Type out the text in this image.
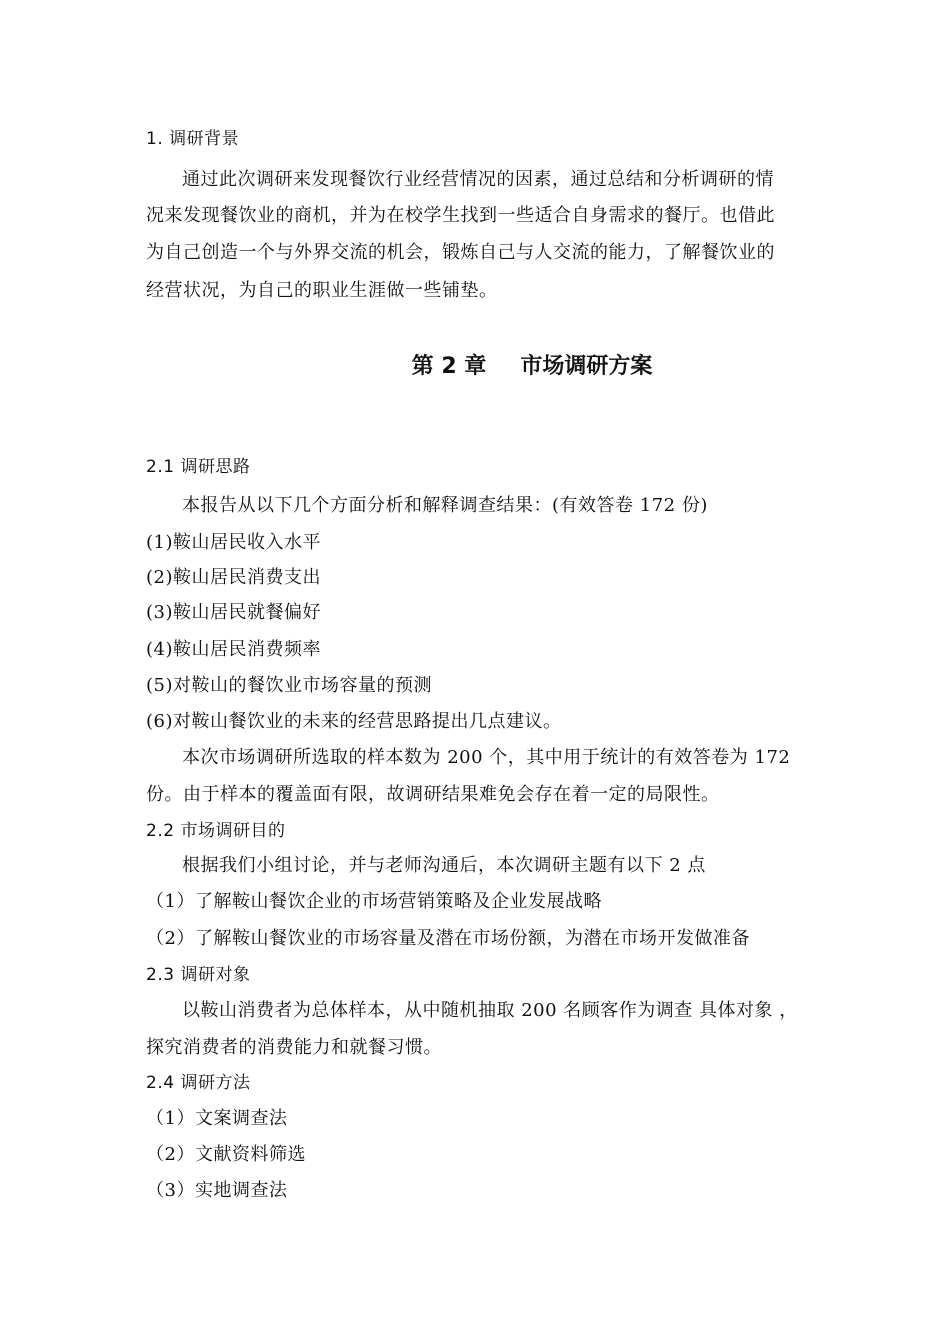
1. 调研背景
通过此次调研来发现餐饮行业经营情况的因素，通过总结和分析调研的情
况来发现餐饮业的商机，并为在校学生找到一些适合自身需求的餐厅。也借此
为自己创造一个与外界交流的机会，锻炼自己与人交流的能力，了解餐饮业的
经营状况，为自己的职业生涯做一些铺垫。
第 2 章 市场调研方案
2.1 调研思路
本报告从以下几个方面分析和解释调查结果：(有效答卷 172 份)
(1)鞍山居民收入水平
(2)鞍山居民消费支出
(3)鞍山居民就餐偏好
(4)鞍山居民消费频率
(5)对鞍山的餐饮业市场容量的预测
(6)对鞍山餐饮业的未来的经营思路提出几点建议。
本次市场调研所选取的样本数为 200 个，其中用于统计的有效答卷为 172
份。由于样本的覆盖面有限，故调研结果难免会存在着一定的局限性。
2.2 市场调研目的
根据我们小组讨论，并与老师沟通后，本次调研主题有以下 2 点
（1）了解鞍山餐饮企业的市场营销策略及企业发展战略
（2）了解鞍山餐饮业的市场容量及潜在市场份额，为潜在市场开发做准备
2.3 调研对象
以鞍山消费者为总体样本，从中随机抽取 200 名顾客作为调查 具体对象 ，
探究消费者的消费能力和就餐习惯。
2.4 调研方法
（1）文案调查法
（2）文献资料筛选
（3）实地调查法
